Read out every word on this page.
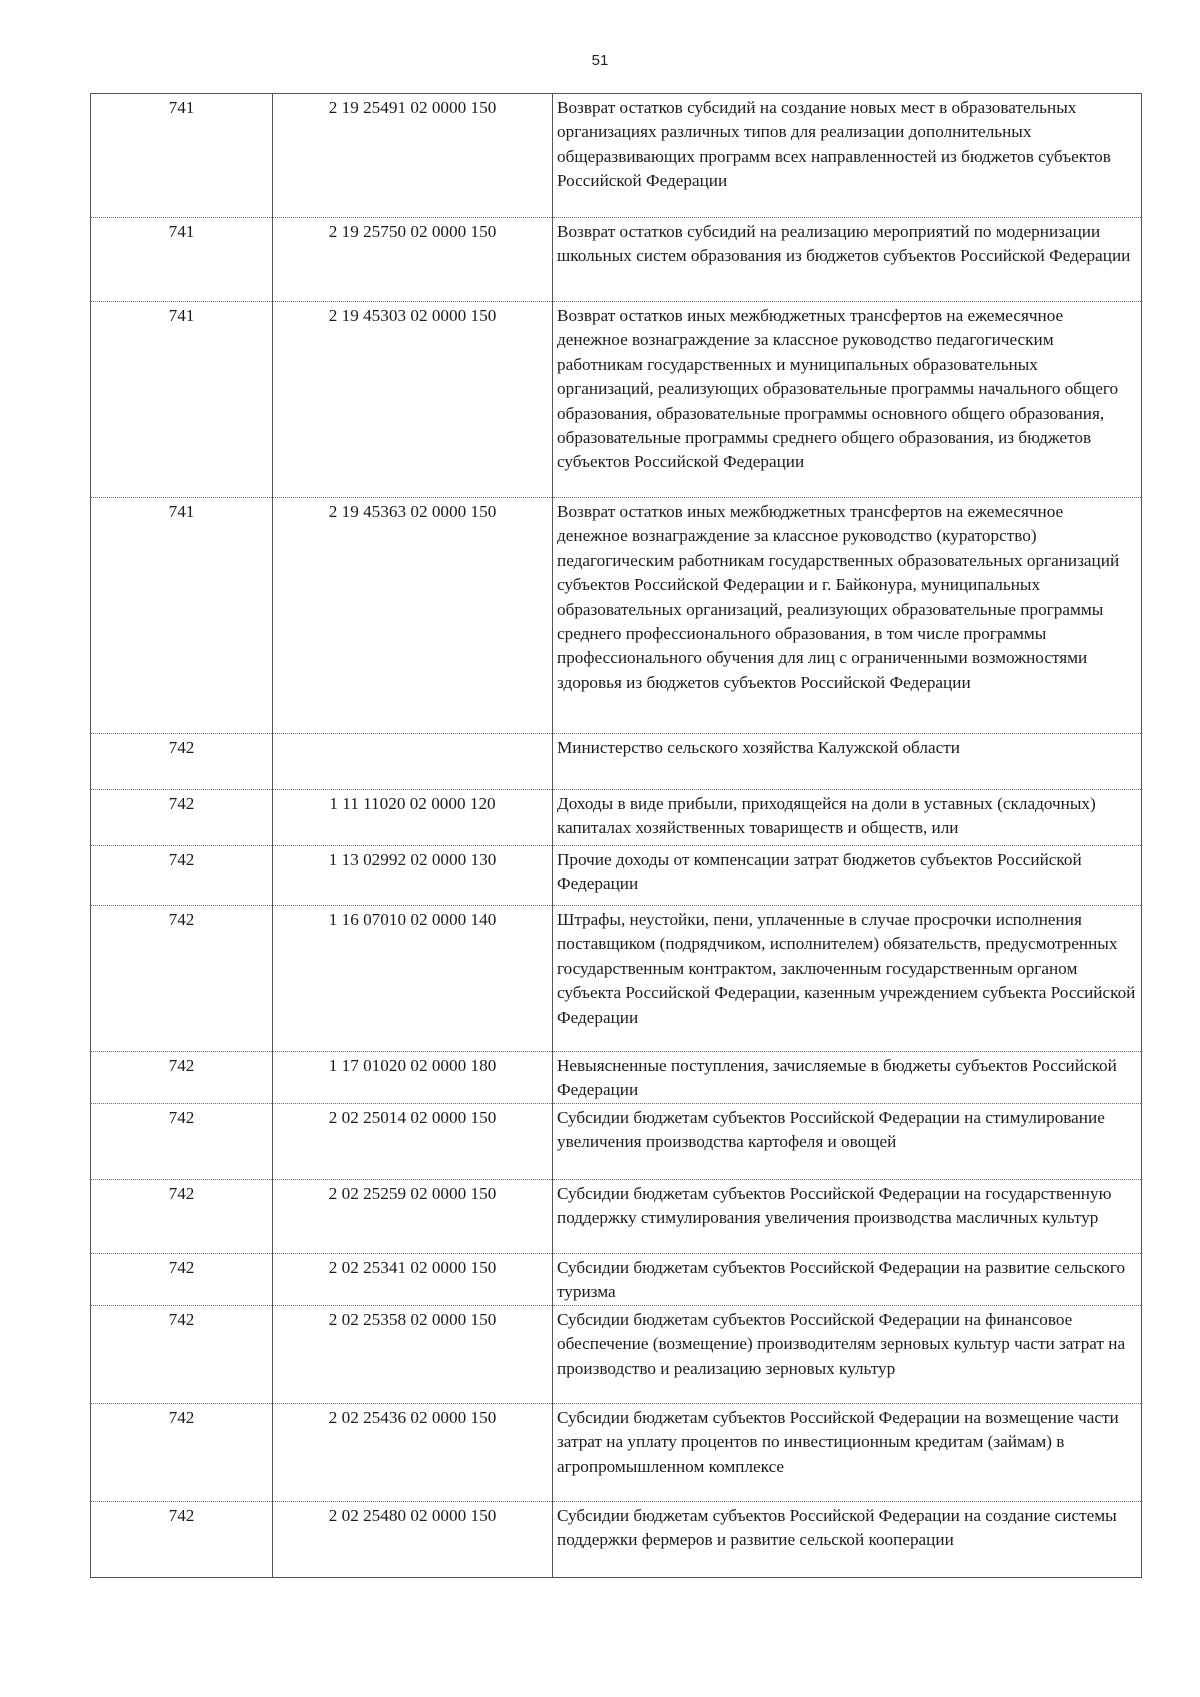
51
741	2 19 25491 02 0000 150	Возврат остатков субсидий на создание новых мест в образовательных организациях различных типов для реализации дополнительных общеразвивающих программ всех направленностей из бюджетов субъектов Российской Федерации
741	2 19 25750 02 0000 150	Возврат остатков субсидий на реализацию мероприятий по модернизации школьных систем образования из бюджетов субъектов Российской Федерации
741	2 19 45303 02 0000 150	Возврат остатков иных межбюджетных трансфертов на ежемесячное денежное вознаграждение за классное руководство педагогическим работникам государственных и муниципальных образовательных организаций, реализующих образовательные программы начального общего образования, образовательные программы основного общего образования, образовательные программы среднего общего образования, из бюджетов субъектов Российской Федерации
741	2 19 45363 02 0000 150	Возврат остатков иных межбюджетных трансфертов на ежемесячное денежное вознаграждение за классное руководство (кураторство) педагогическим работникам государственных образовательных организаций субъектов Российской Федерации и г. Байконура, муниципальных образовательных организаций, реализующих образовательные программы среднего профессионального образования, в том числе программы профессионального обучения для лиц с ограниченными возможностями здоровья из бюджетов субъектов Российской Федерации
742		Министерство сельского хозяйства Калужской области
742	1 11 11020 02 0000 120	Доходы в виде прибыли, приходящейся на доли в уставных (складочных) капиталах хозяйственных товариществ и обществ, или

742	1 13 02992 02 0000 130	Прочие доходы от компенсации затрат бюджетов субъектов Российской Федерации
742	1 16 07010 02 0000 140	Штрафы, неустойки, пени, уплаченные в случае просрочки исполнения поставщиком (подрядчиком, исполнителем) обязательств, предусмотренных государственным контрактом, заключенным государственным органом субъекта Российской Федерации, казенным учреждением субъекта Российской Федерации
742	1 17 01020 02 0000 180	Невыясненные поступления, зачисляемые в бюджеты субъектов Российской Федерации
742	2 02 25014 02 0000 150	Субсидии бюджетам субъектов Российской Федерации на стимулирование увеличения производства картофеля и овощей
742	2 02 25259 02 0000 150	Субсидии бюджетам субъектов Российской Федерации на государственную поддержку стимулирования увеличения производства масличных культур
742	2 02 25341 02 0000 150	Субсидии бюджетам субъектов Российской Федерации на развитие сельского туризма
742	2 02 25358 02 0000 150	Субсидии бюджетам субъектов Российской Федерации на финансовое обеспечение (возмещение) производителям зерновых культур части затрат на производство и реализацию зерновых культур
742	2 02 25436 02 0000 150	Субсидии бюджетам субъектов Российской Федерации на возмещение части затрат на уплату процентов по инвестиционным кредитам (займам) в агропромышленном комплексе
742	2 02 25480 02 0000 150	Субсидии бюджетам субъектов Российской Федерации на создание системы поддержки фермеров и развитие сельской кооперации
